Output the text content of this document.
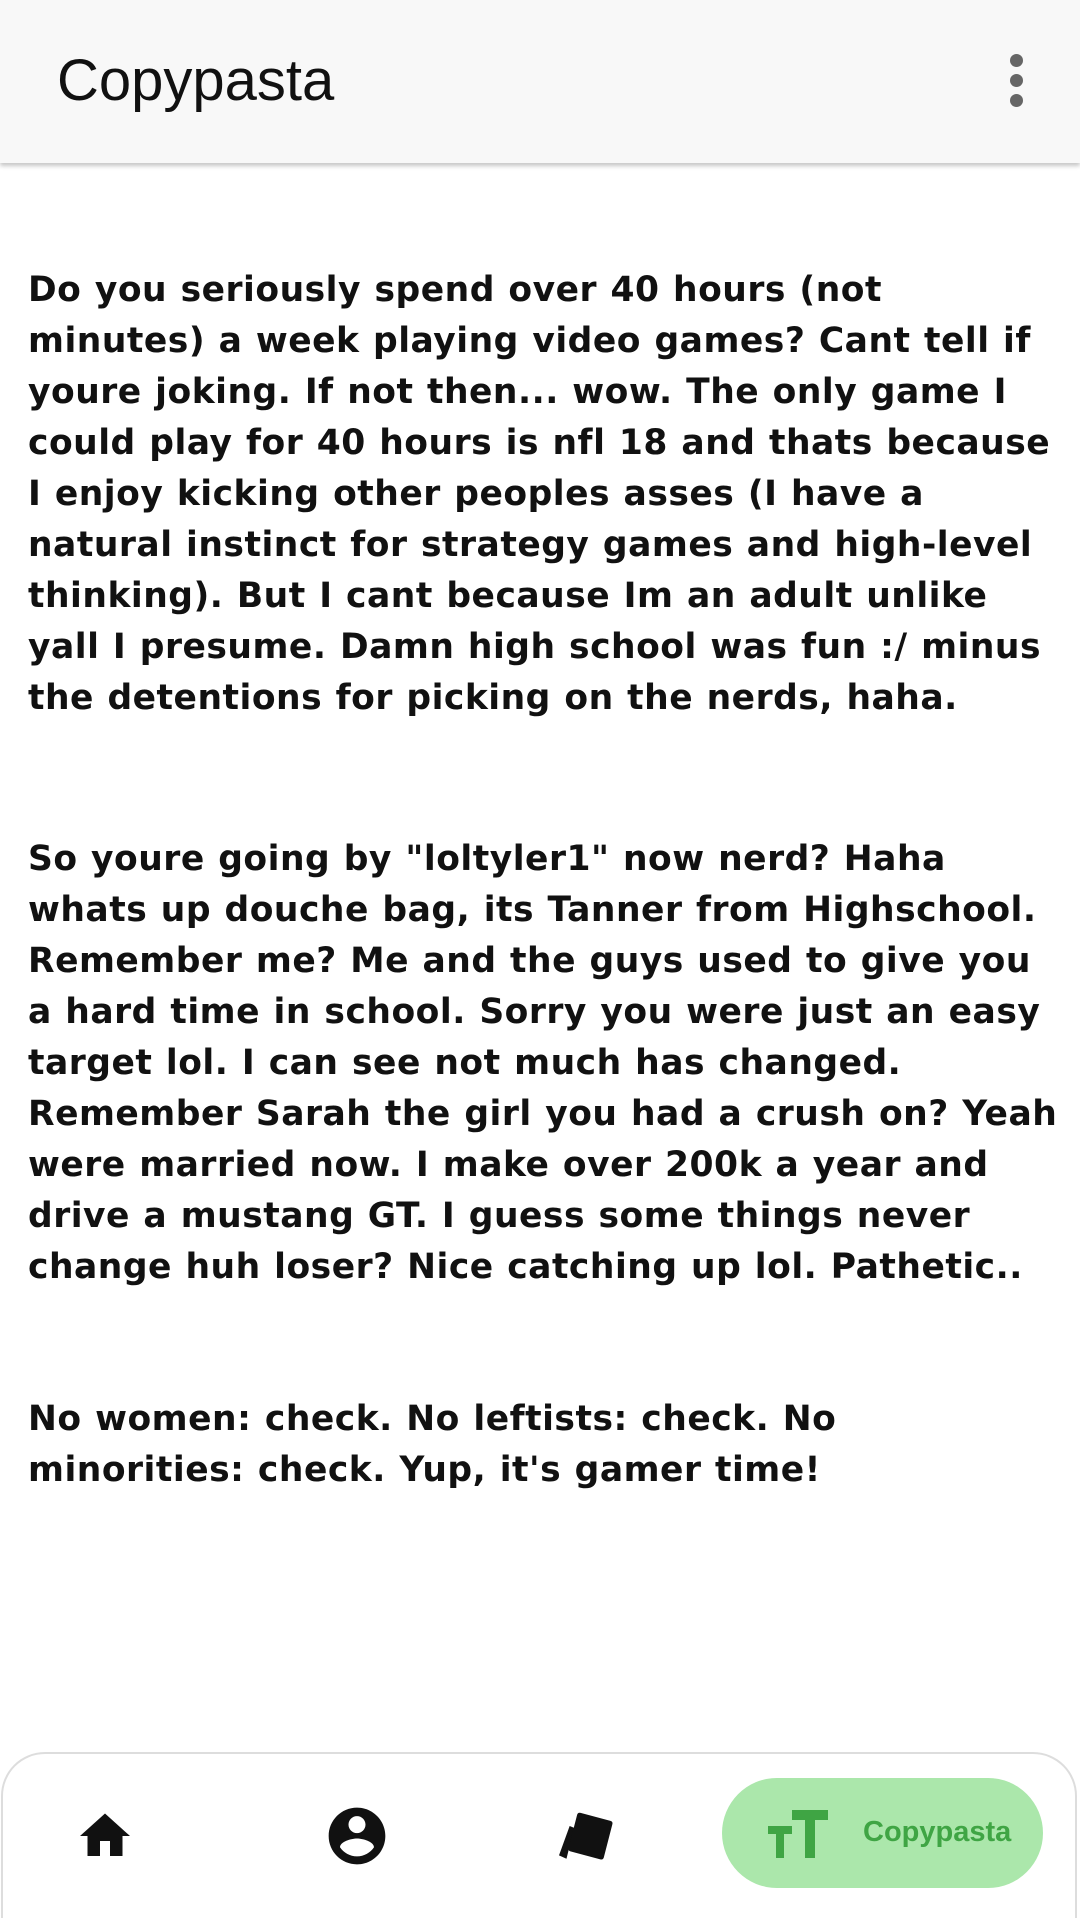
Copypasta

Do you seriously spend over 40 hours (not minutes) a week playing video games? Cant tell if youre joking. If not then... wow. The only game I could play for 40 hours is nfl 18 and thats because I enjoy kicking other peoples asses (I have a natural instinct for strategy games and high-level thinking). But I cant because Im an adult unlike yall I presume. Damn high school was fun :/ minus the detentions for picking on the nerds, haha.

So youre going by "loltyler1" now nerd? Haha whats up douche bag, its Tanner from Highschool. Remember me? Me and the guys used to give you a hard time in school. Sorry you were just an easy target lol. I can see not much has changed. Remember Sarah the girl you had a crush on? Yeah were married now. I make over 200k a year and drive a mustang GT. I guess some things never change huh loser? Nice catching up lol. Pathetic..

No women: check. No leftists: check. No minorities: check. Yup, it's gamer time!

Copypasta
